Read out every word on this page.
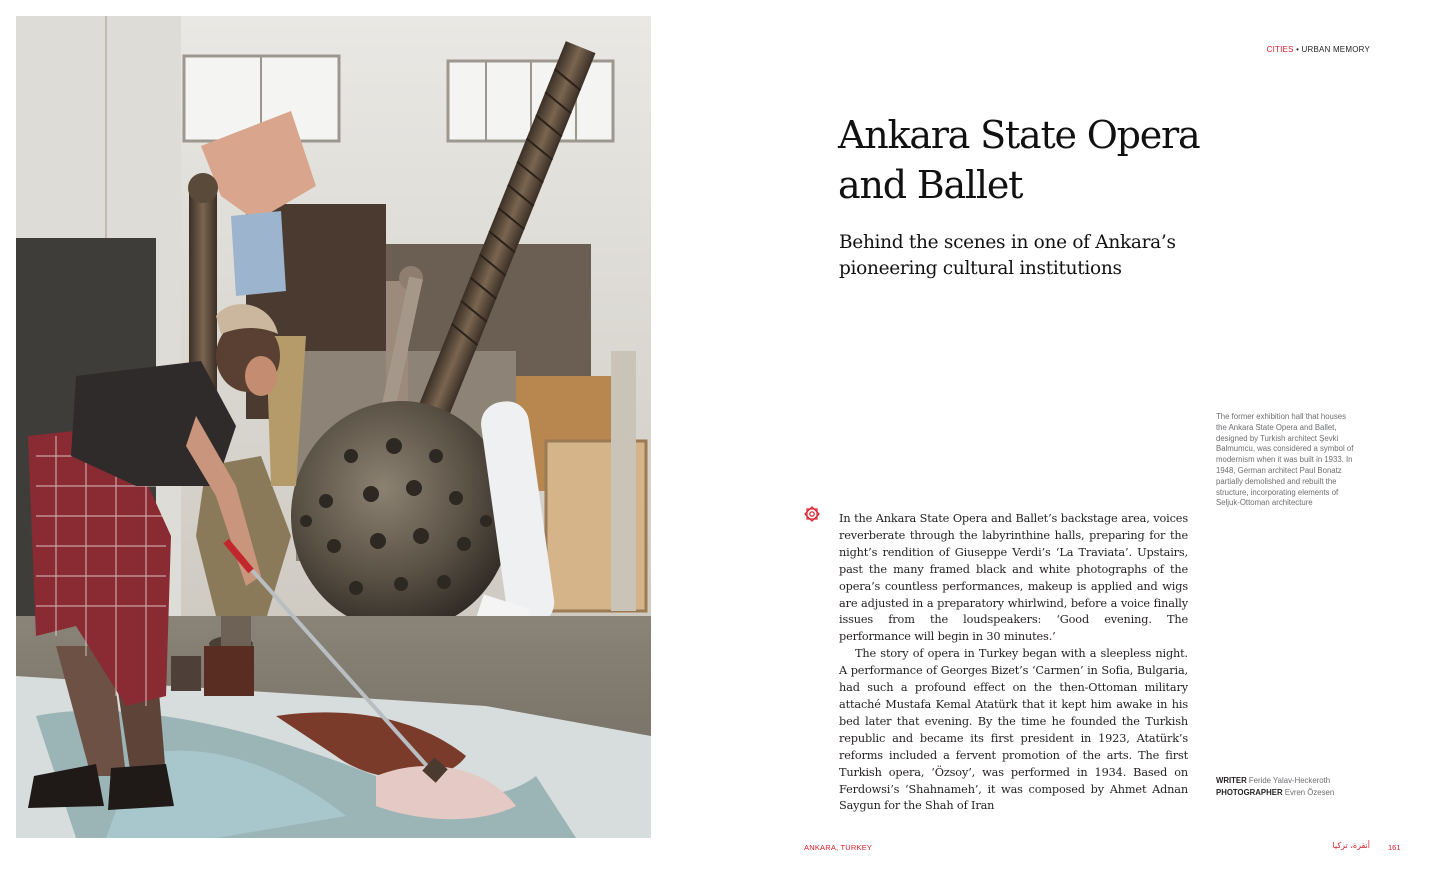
CITIES • URBAN MEMORY
Ankara State Opera
and Ballet

Behind the scenes in one of Ankara’s
pioneering cultural institutions

The former exhibition hall that houses the Ankara State Opera and Ballet, designed by Turkish architect Şevki Balmumcu, was considered a symbol of modernism when it was built in 1933. In 1948, German architect Paul Bonatz partially demolished and rebuilt the structure, incorporating elements of Seljuk-Ottoman architecture

In the Ankara State Opera and Ballet’s backstage area, voices reverberate through the labyrinthine halls, preparing for the night’s rendition of Giuseppe Verdi’s ‘La Traviata’. Upstairs, past the many framed black and white photographs of the opera’s countless performances, makeup is applied and wigs are adjusted in a preparatory whirlwind, before a voice finally issues from the loudspeakers: ‘Good evening. The performance will begin in 30 minutes.’

The story of opera in Turkey began with a sleepless night. A performance of Georges Bizet’s ‘Carmen’ in Sofia, Bulgaria, had such a profound effect on the then-Ottoman military attaché Mustafa Kemal Atatürk that it kept him awake in his bed later that evening. By the time he founded the Turkish republic and became its first president in 1923, Atatürk’s reforms included a fervent promotion of the arts. The first Turkish opera, ‘Özsoy’, was performed in 1934. Based on Ferdowsi’s ‘Shahnameh’, it was composed by Ahmet Adnan Saygun for the Shah of Iran

WRITER Feride Yalav-Heckeroth
PHOTOGRAPHER Evren Özesen
ANKARA, TURKEY	أنقرة، تركيا 161
